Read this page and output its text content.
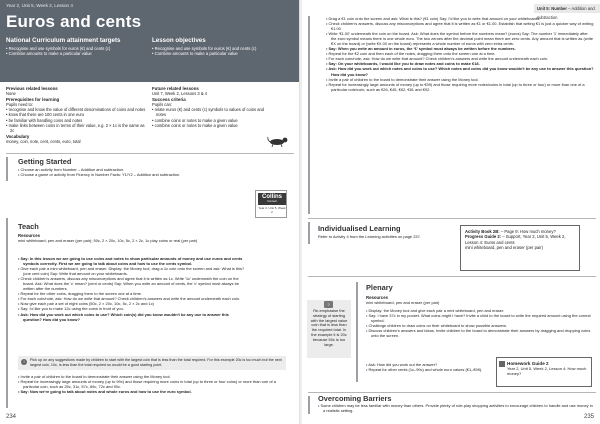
Year 2, Unit 5, Week 2, Lesson 4
Euros and cents
National Curriculum attainment targets
• Recognise and use symbols for euros (€) and cents (c)
• Combine amounts to make a particular value
Lesson objectives
• Recognise and use symbols for euros (€) and cents (c)
• Combine amounts to make a particular value
Previous related lessons
None
Prerequisites for learning
Pupils need to:
• recognise and know the value of different denominations of coins and notes
• know that there are 100 cents in one euro
• be familiar with handling coins and notes
• make links between coins in terms of their value, e.g. 2 × 1c is the same as 2c
Vocabulary
money, coin, note, cent, cents, euro, total
Future related lessons
Unit 7, Week 2, Lessons 3 & 4
Success criteria
Pupils can:
• relate euros (€) and cents (c) symbols to values of coins and notes
• combine coins or notes to make a given value
• combine coins or notes to make a given value
Getting Started
• Choose an activity from Number – Addition and subtraction.
• Choose a game or activity from Fluency in Number Facts: Y1/Y2 – Addition and subtraction.
Collins
Connect
Year 2, Unit 5, Week 2
Teach
Resources
mini whiteboard, pen and eraser (per pair); 50c, 2 × 20c, 10c, 5c, 2 × 2c, 1c play coins or real (per pair)
• Say: In this lesson we are going to use coins and notes to show particular amounts of money and use euros and cents symbols correctly. First we are going to talk about coins and how to use the cents symbol.
• Give each pair a mini whiteboard, pen and eraser. Display: the Money tool, drag a 1c coin onto the screen and ask: What is this? (one cent coin) Say: Write that amount on your whiteboards.
• Check children's answers, discuss any misconceptions and agree that it is written as 1c. Write '1c' underneath the coin on the board. Ask: What does the 'c' mean? (cent or cents) Say: When you write an amount of cents, the 'c' symbol must always be written after the numbers.
• Repeat for the other coins, dragging them to the screen one at a time.
• For each coin/note, ask: How do we write that amount? Check children's answers and write the amount underneath each coin.
• Now give each pair a set of eight coins (50c, 2 × 20c, 10c, 5c, 2 × 2c and 1c)
• Say: I'd like you to make 12c using the coins in front of you.
• Ask: How did you work out which coins to use? Which coin(s) did you know wouldn't be any use to answer this question? How did you know?
!	Pick up on any suggestions made by children to start with the largest coin that is less than the total required. For this example 20c is too much but the next largest coin, 10c, is less than the total required so would be a good starting point.
• Invite a pair of children to the board to demonstrate their answer using the Money tool.
• Repeat for increasingly large amounts of money (up to 99c) and those requiring more coins in total (up to three or four coins) or more than one of a particular coin, such as 25c, 31c, 57c, 69c, 72c and 90c.
• Say: Now we're going to talk about notes and whole euros and how to use the euro symbol.
234
Unit 5: Number – Addition and subtraction
• Drag a €1 coin onto the screen and ask: What is this? (€1 coin) Say: I'd like you to write that amount on your whiteboards.
• Check children's answers, discuss any misconceptions and agree that it is written as €1 or €1.00. Establish that writing €1 is just a quicker way of writing €1.00.
• Write '€1.00' underneath the coin on the board. Ask: What does the symbol before the numbers mean? (euros) Say: The number '1' immediately after the euro symbol means there is one whole euro. The two zeroes after the decimal point mean there are zero cents. Any amount that is written as (write €X on the board) or (write €X.00 on the board) represents a whole number of euros with zero extra cents.
• Say: When you write an amount in euros, the '€' symbol must always be written before the numbers.
• Repeat for the €2 coin and then each of the notes, dragging them onto the screen one at a time.
• For each coin/note, ask: How do we write that amount? Check children's answers and write the amount underneath each coin.
• Say: On your whiteboards, I would like you to draw notes and coins to make €18.
• Ask: How did you work out which notes and coins to use? Which notes and coins did you know wouldn't be any use to answer this question? How did you know?
• Invite a pair of children to the board to demonstrate their answer using the Money tool.
• Repeat for increasingly large amounts of money (up to €99) and those requiring more notes/coins in total (up to three or four) or more than one of a particular note/coin, such as €26, €45, €62, €81 and €92.
Individualised Learning
Refer to Activity 4 from the Learning activities on page 237.
Activity Book 2B: – Page 9: How much money?
Progress Guide 2: – Support, Year 2, Unit 5, Week 2, Lesson 4: Euros and cents
mini whiteboard, pen and eraser (per pair)
?
Re-emphasise the strategy of starting with the largest value coin that is less than the required total. In the example it is 20c because 50c is too large.
Plenary
Resources
mini whiteboard, pen and eraser (per pair)
• Display: the Money tool and give each pair a mini whiteboard, pen and eraser.
• Say: I have 37c in my pocket. What coins might I have? Invite a child to the board to write the required amount using the correct symbol.
• Challenge children to draw coins on their whiteboard to show possible answers.
• Discuss children's answers and ideas. Invite children to the board to demonstrate their answers by dragging and dropping coins onto the screen.
• Ask: How did you work out the answer?
• Repeat for other cents (1c–99c) and whole euro values (€1–€99).
Homework Guide 2
Year 2, Unit 5, Week 2, Lesson 4: How much money?
Overcoming Barriers
• Some children may be less familiar with money than others. Provide plenty of role-play shopping activities to encourage children to handle and use money in a realistic setting.
235
